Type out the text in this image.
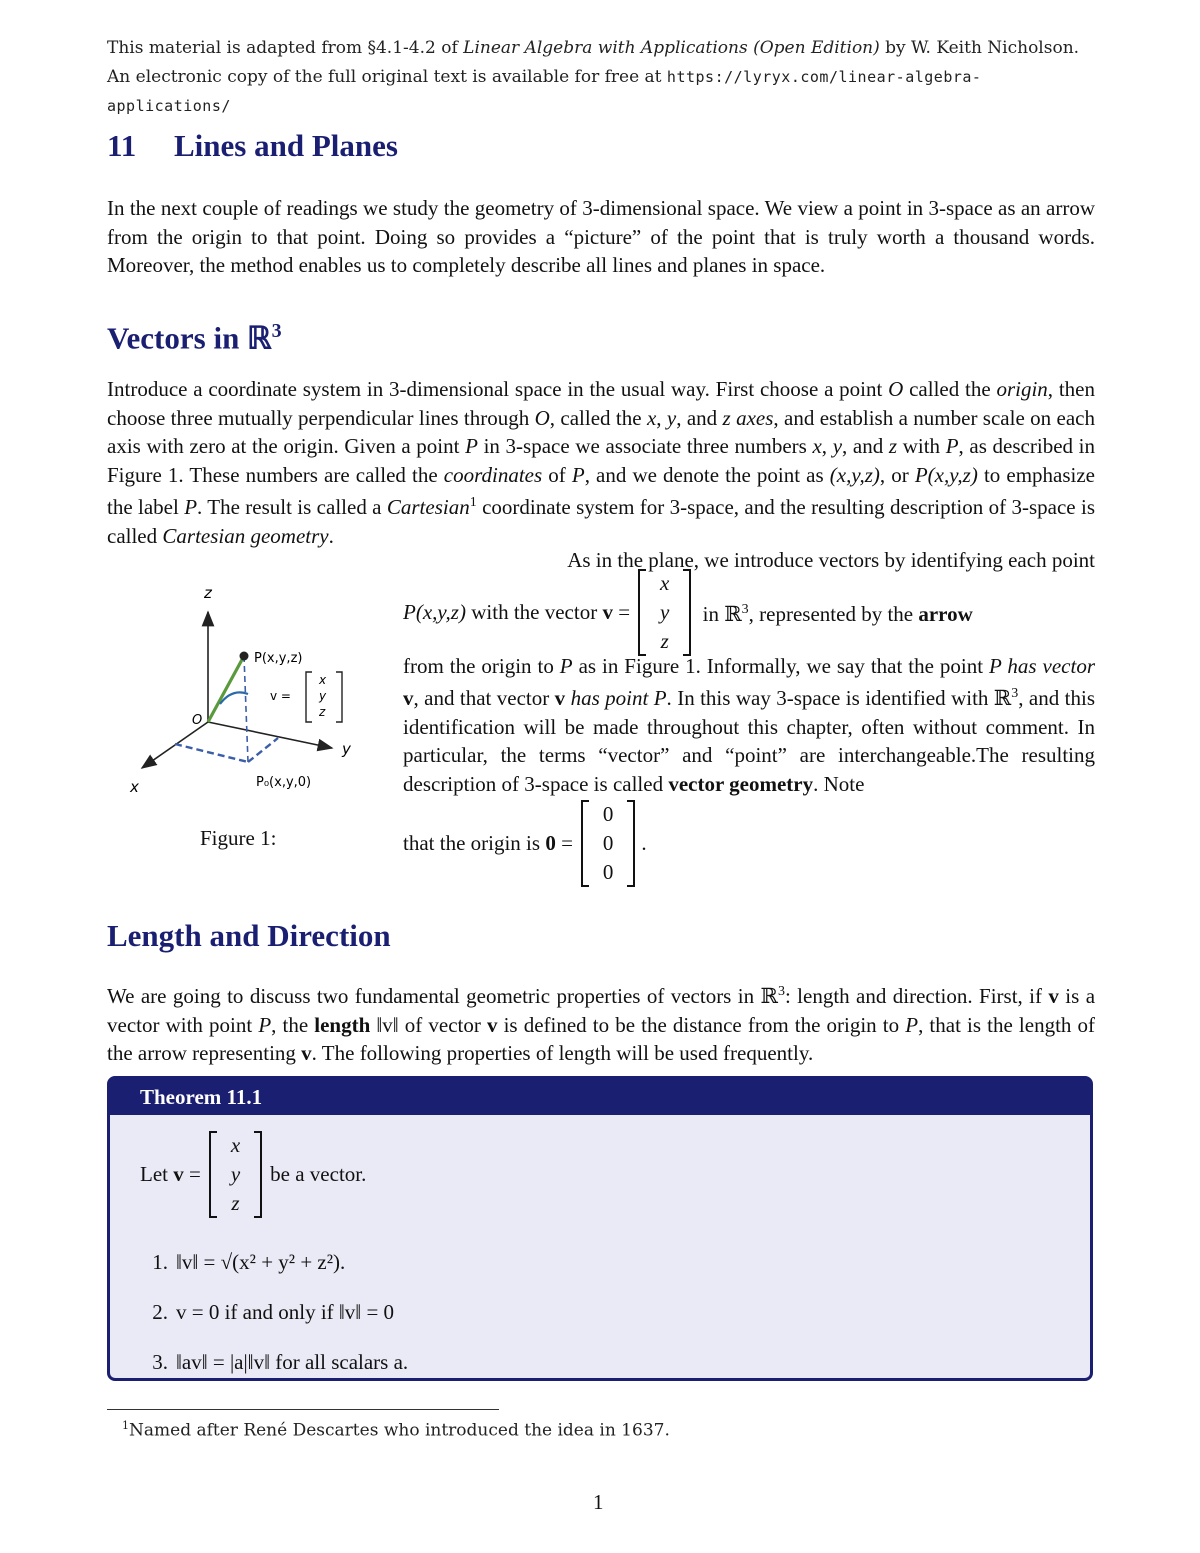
This material is adapted from §4.1-4.2 of Linear Algebra with Applications (Open Edition) by W. Keith Nicholson. An electronic copy of the full original text is available for free at https://lyryx.com/linear-algebra-applications/
11 Lines and Planes
In the next couple of readings we study the geometry of 3-dimensional space. We view a point in 3-space as an arrow from the origin to that point. Doing so provides a “picture” of the point that is truly worth a thousand words. Moreover, the method enables us to completely describe all lines and planes in space.
Vectors in ℝ$^3$
Introduce a coordinate system in 3-dimensional space in the usual way. First choose a point O called the origin, then choose three mutually perpendicular lines through O, called the x, y, and z axes, and establish a number scale on each axis with zero at the origin. Given a point P in 3-space we associate three numbers x, y, and z with P, as described in Figure 1. These numbers are called the coordinates of P, and we denote the point as (x,y,z), or P(x,y,z) to emphasize the label P. The result is called a Cartesian$^1$ coordinate system for 3-space, and the resulting description of 3-space is called Cartesian geometry.
z
y
x
O
P(x,y,z)
P₀(x,y,0)
v =
x
y
z
Figure 1:
As in the plane, we introduce vectors by identifying each point
P(x,y,z) with the vector v =
x
y
z
in ℝ$^3$, represented by the arrow
from the origin to P as in Figure 1. Informally, we say that the point P has vector v, and that vector v has point P. In this way 3-space is identified with ℝ$^3$, and this identification will be made throughout this chapter, often without comment. In particular, the terms “vector” and “point” are interchangeable.The resulting description of 3-space is called vector geometry. Note
that the origin is 0 =
0
0
0
.
Length and Direction
We are going to discuss two fundamental geometric properties of vectors in ℝ$^3$: length and direction. First, if v is a vector with point P, the length ‖v‖ of vector v is defined to be the distance from the origin to P, that is the length of the arrow representing v. The following properties of length will be used frequently.
Theorem 11.1
Let v =
x
y
z
be a vector.
1. ‖v‖ = √(x² + y² + z²).
2. v = 0 if and only if ‖v‖ = 0
3. ‖av‖ = |a|‖v‖ for all scalars a.
$^1$Named after René Descartes who introduced the idea in 1637.
1
